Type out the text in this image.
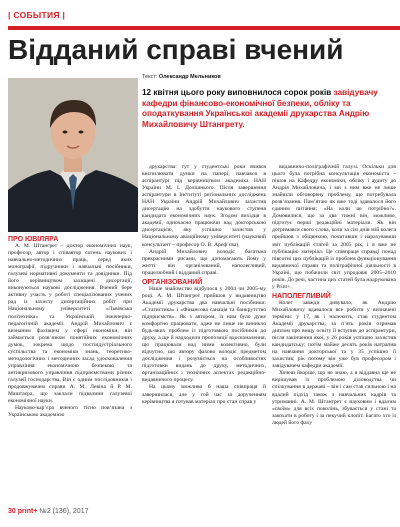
| СОБЫТИЯ |
Відданий справі вчений
Текст: Олександр Мельников
12 квітня цього року виповнилося сорок років завідувачу кафедри фінансово-економічної безпеки, обліку та оподаткування Української академії друкарства Андрію Михайловичу Штангрету.
ПРО ЮВІЛЯРА

А. М. Штангрет – доктор економічних наук, професор, автор і співавтор сотень наукових і навчально-методичних праць, серед яких монографії, підручники і навчальні посібники, галузеві нормативні документи та довідники. Під його керівництвом захищені дисертації, виконуються наукові дослідження. Вчений бере активну участь у роботі спеціалізованих учених рад із захисту дисертаційних робіт при Національному університеті «Львівська політехніка» та Українській інженерно-педагогічній академії. Андрій Михайлович є визнаним фахівцем у сфері економіки, він займається розв’язком понятійних економічних думок, зокрема щодо постіндустріального суспільства та економіки знань, теоретико-методологічних і методичних засад удосконалення управління економічною безпекою та антикризового управління підприємствами різних галузей господарства. Він є одним послідовників і продовжувачем справи А. М. Левіна й Р. М. Маштаєра, що заклали підвалини галузевої економічної науки.

Науково-кар’єра вченого тісно пов’язана з Українською академією

друкарства: тут у студентські роки вчився виспилювати думки на папері, навчався в аспірантурі під керівництвом академіка НАН України М. І. Долішнього. Після завершення аспірантури в Інституті регіональних досліджень НАН України Андрій Михайлович захистив дисертацію на здобуття наукового ступеня кандидата економічних наук. Згодом вихідця в академії, одночасно працюючи над докторською дисертацією, яку успішно захистив у Національному авіаційному університеті (науковий консультант – професор О. В. Ареф’єва).

Андрій Михайлович володіє багатьма прекрасними рисами, що допомагають йому у житті: він організований, наполегливий, працелюбний і відданий справі.

ОРГАНІЗОВАНИЙ

Наше знайомство відбулося у 2004 чи 2005-му році. А. М. Штангрет прийшов у видавництво Академії друкарства два навчальні посібники: «Статистика» і «Фінансова санація та банкрутство підприємств». Як з автором, із ним було дуже комфортно працювати, адже не лише не виникло будь-яких проблем із підготовкою посібників до друку, а ще й надходили пропозиції вдосконалення, що працювали над ними колективно, були відчутно, що автору фахово володіє предметом дослідження і розуміється на особливостях підготовки видань до друку, методичних, організаційних і технічних аспектах редакційно-видавничого процесу.

На цьому можливо б наша співпраця й завершилася, але у той час за дорученням керівництва я готував матеріал про стан справ у

видавничо-поліграфічній галузі. Оскільки для цього була потрібна консультація економіста – пішов на Кафедру економіки, обліку і аудиту до Андрія Михайловича, і ми з ним вже не лише знайшли обговорену проблему, що потребувала розв’язання. Пам’ятаю як вже тоді здавалося його єдиним питання: «На коли це потрібно?». Домовилися, що за два тижні він, можливо, підготує перші редакційні матеріали. Як він дотримався свого слова, коли за сім днів мій колега прийшов з обіцянкою, почитавши і нарахувавши звіт публікацій статей за 2005 рік, і я вже не публікацію матеріал. Це співпраця справді понад півсотні цих публікацій із проблем функціонування видавничої справи та поліграфічної діяльності в Україні, що побачили світ упродовж 2005–2010 років. До речі, частина цих статей була надрукована у Print+.

НАПОЛЕГЛИВИЙ

Колег завжди дивувало, як Андрію Михайловичу вдавалося все робити у визначені терміни: у 17, як і належить, став студентом Академії друкарства; за п’ять років отримав диплом про вищу освіту й вступив до аспірантури, після закінчення якої, у 26 років успішно захистив кандидатську; потім майже десять років натрапив на навчання докторської та у 35 успішно її захистив; рік потому він уже був професором і завідувачем кафедри академії.

Хочеш йкорше, що не знаю, а я віддавна ще не вирішував із проблемою діловодства чи спілкування в державі – він і сам став сильною і на вдалий підхід також з навчальних кадрів та утриманні. А. М. Штангрет є науковим і вдалим «своїм» для всіх поколінь, збувається у стані та закохати в роботу і за пекучий клопіт. Багато хто із людей його фаху

30 print+ №2 (136), 2017
